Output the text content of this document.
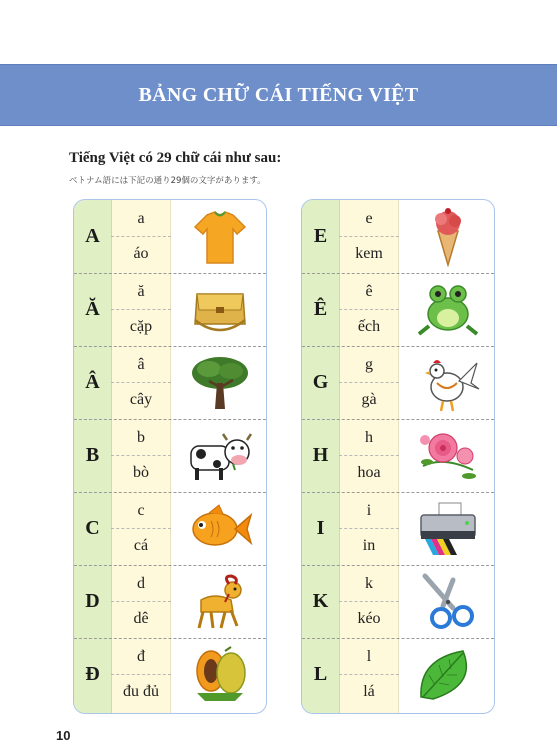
BẢNG CHỮ CÁI TIẾNG VIỆT
Tiếng Việt có 29 chữ cái như sau:
ベトナム語には下記の通り29個の文字があります。
A
a
áo
Ă
ă
cặp
Â
â
cây
B
b
bò
C
c
cá
D
d
dê
Đ
đ
đu đủ
E
e
kem
Ê
ê
ếch
G
g
gà
H
h
hoa
I
i
in
K
k
kéo
L
l
lá
10
